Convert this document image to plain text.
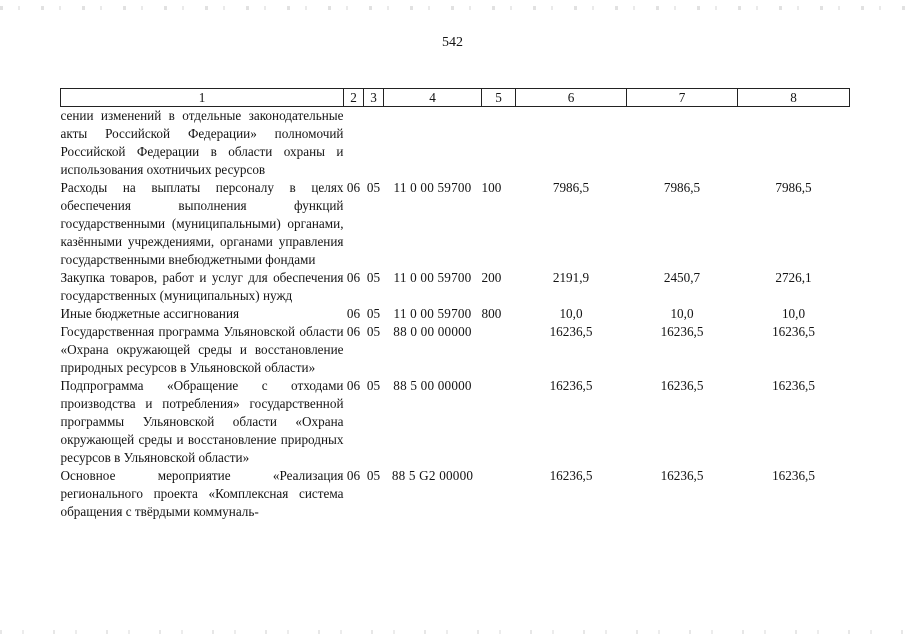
542
1	2	3	4	5	6	7	8
сении изменений в отдельные законодательные акты Российской Федерации» полномочий Российской Федерации в области охраны и использования охотничьих ресурсов							
Расходы на выплаты персоналу в целях обеспечения выполнения функций государственными (муниципальными) органами, казёнными учреждениями, органами управления государственными внебюджетными фондами	06	05	11 0 00 59700	100	7986,5	7986,5	7986,5
Закупка товаров, работ и услуг для обеспечения государственных (муниципальных) нужд	06	05	11 0 00 59700	200	2191,9	2450,7	2726,1
Иные бюджетные ассигнования	06	05	11 0 00 59700	800	10,0	10,0	10,0
Государственная программа Ульяновской области «Охрана окружающей среды и восстановление природных ресурсов в Ульяновской области»	06	05	88 0 00 00000		16236,5	16236,5	16236,5
Подпрограмма «Обращение с отходами производства и потребления» государственной программы Ульяновской области «Охрана окружающей среды и восстановление природных ресурсов в Ульяновской области»	06	05	88 5 00 00000		16236,5	16236,5	16236,5
Основное мероприятие «Реализация регионального проекта «Комплексная система обращения с твёрдыми коммуналь-	06	05	88 5 G2 00000		16236,5	16236,5	16236,5
